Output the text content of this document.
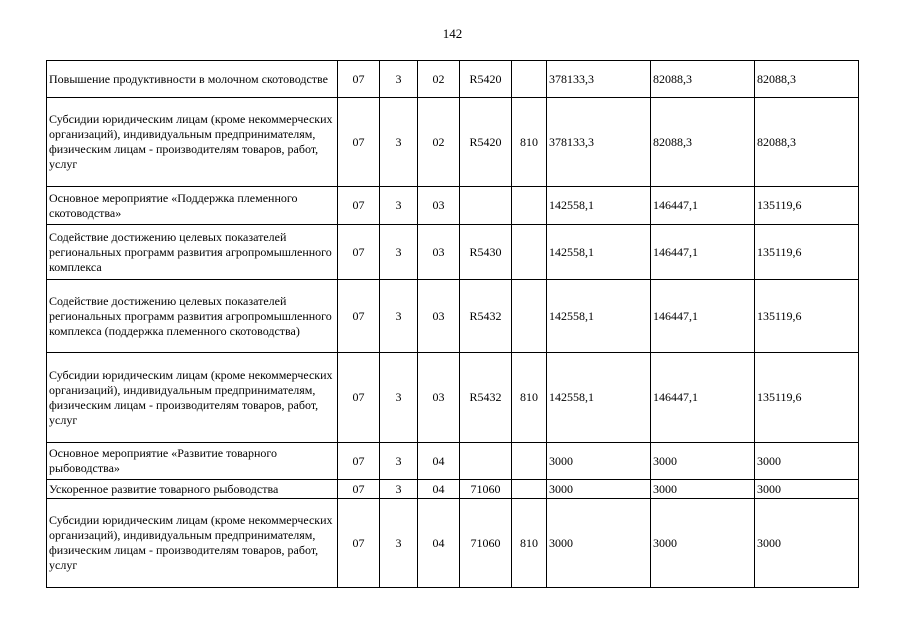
142
Повышение продуктивности в молочном скотоводстве	07	3	02	R5420		378133,3	82088,3	82088,3
Субсидии юридическим лицам (кроме некоммерческих организаций), индивидуальным предпринимателям, физическим лицам - производителям товаров, работ, услуг	07	3	02	R5420	810	378133,3	82088,3	82088,3
Основное мероприятие «Поддержка племенного скотоводства»	07	3	03			142558,1	146447,1	135119,6
Содействие достижению целевых показателей региональных программ развития агропромышленного комплекса	07	3	03	R5430		142558,1	146447,1	135119,6
Содействие достижению целевых показателей региональных программ развития агропромышленного комплекса (поддержка племенного скотоводства)	07	3	03	R5432		142558,1	146447,1	135119,6
Субсидии юридическим лицам (кроме некоммерческих организаций), индивидуальным предпринимателям, физическим лицам - производителям товаров, работ, услуг	07	3	03	R5432	810	142558,1	146447,1	135119,6
Основное мероприятие «Развитие товарного рыбоводства»	07	3	04			3000	3000	3000
Ускоренное развитие товарного рыбоводства	07	3	04	71060		3000	3000	3000
Субсидии юридическим лицам (кроме некоммерческих организаций), индивидуальным предпринимателям, физическим лицам - производителям товаров, работ, услуг	07	3	04	71060	810	3000	3000	3000
